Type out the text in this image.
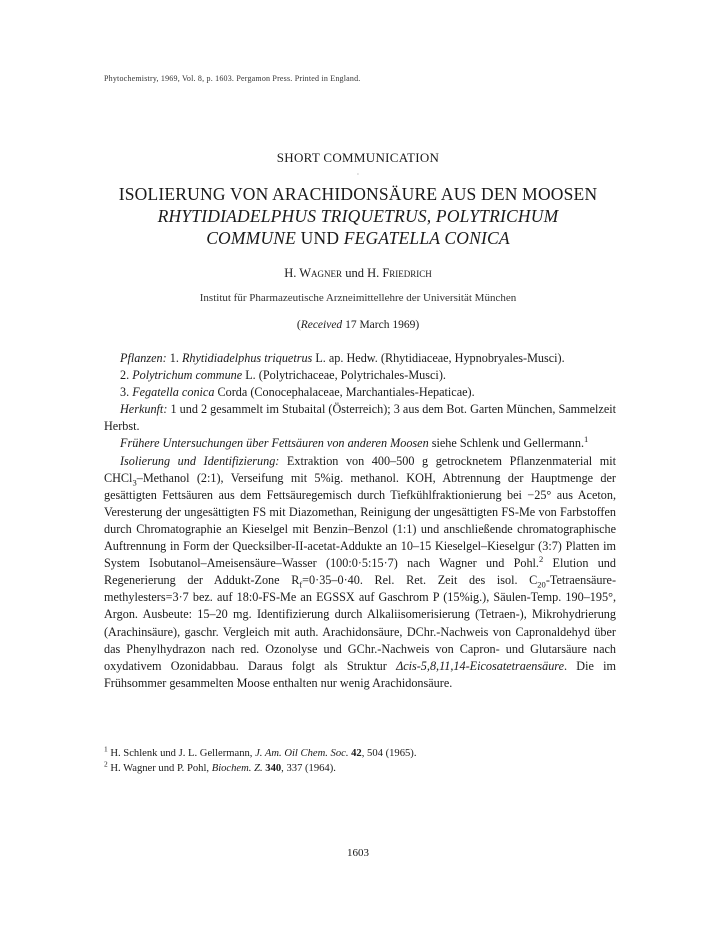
Phytochemistry, 1969, Vol. 8, p. 1603. Pergamon Press. Printed in England.
SHORT COMMUNICATION
·
ISOLIERUNG VON ARACHIDONSÄURE AUS DEN MOOSEN
RHYTIDIADELPHUS TRIQUETRUS, POLYTRICHUM
COMMUNE UND FEGATELLA CONICA
H. Wagner und H. Friedrich
Institut für Pharmazeutische Arzneimittellehre der Universität München
(Received 17 March 1969)

Pflanzen: 1. Rhytidiadelphus triquetrus L. ap. Hedw. (Rhytidiaceae, Hypnobryales-Musci).

2. Polytrichum commune L. (Polytrichaceae, Polytrichales-Musci).

3. Fegatella conica Corda (Conocephalaceae, Marchantiales-Hepaticae).

Herkunft: 1 und 2 gesammelt im Stubaital (Österreich); 3 aus dem Bot. Garten München, Sammelzeit Herbst.

Frühere Untersuchungen über Fettsäuren von anderen Moosen siehe Schlenk und Gellermann.$^1$

Isolierung und Identifizierung: Extraktion von 400–500 g getrocknetem Pflanzenmaterial mit CHCl$_3$–Methanol (2:1), Verseifung mit 5%ig. methanol. KOH, Abtrennung der Hauptmenge der gesättigten Fettsäuren aus dem Fettsäuregemisch durch Tiefkühlfraktionierung bei −25° aus Aceton, Veresterung der ungesättigten FS mit Diazomethan, Reinigung der ungesättigten FS-Me von Farbstoffen durch Chromatographie an Kieselgel mit Benzin–Benzol (1:1) und anschließende chromatographische Auftrennung in Form der Quecksilber-II-acetat-Addukte an 10–15 Kieselgel–Kieselgur (3:7) Platten im System Isobutanol–Ameisensäure–Wasser (100:0·5:15·7) nach Wagner und Pohl.$^2$ Elution und Regenerierung der Addukt-Zone $R_f=0\cdot 35-0\cdot 40$. Rel. Ret. Zeit des isol. $C_{20}-Tetraensäure-methylesters=3\cdot 7$ bez. auf 18:0-FS-Me an EGSSX auf Gaschrom P (15%ig.), Säulen-Temp. 190–195°, Argon. Ausbeute: 15–20 mg. Identifizierung durch Alkaliisomerisierung (Tetraen-), Mikrohydrierung (Arachinsäure), gaschr. Vergleich mit auth. Arachidonsäure, DChr.-Nachweis von Capronaldehyd über das Phenylhydrazon nach red. Ozonolyse und GChr.-Nachweis von Capron- und Glutarsäure nach oxydativem Ozonidabbau. Daraus folgt als Struktur Δcis-5,8,11,14-Eicosatetraensäure. Die im Frühsommer gesammelten Moose enthalten nur wenig Arachidonsäure.

$^1$ H. Schlenk und J. L. Gellermann, J. Am. Oil Chem. Soc. 42, 504 (1965).

$^2$ H. Wagner und P. Pohl, Biochem. Z. 340, 337 (1964).

1603
